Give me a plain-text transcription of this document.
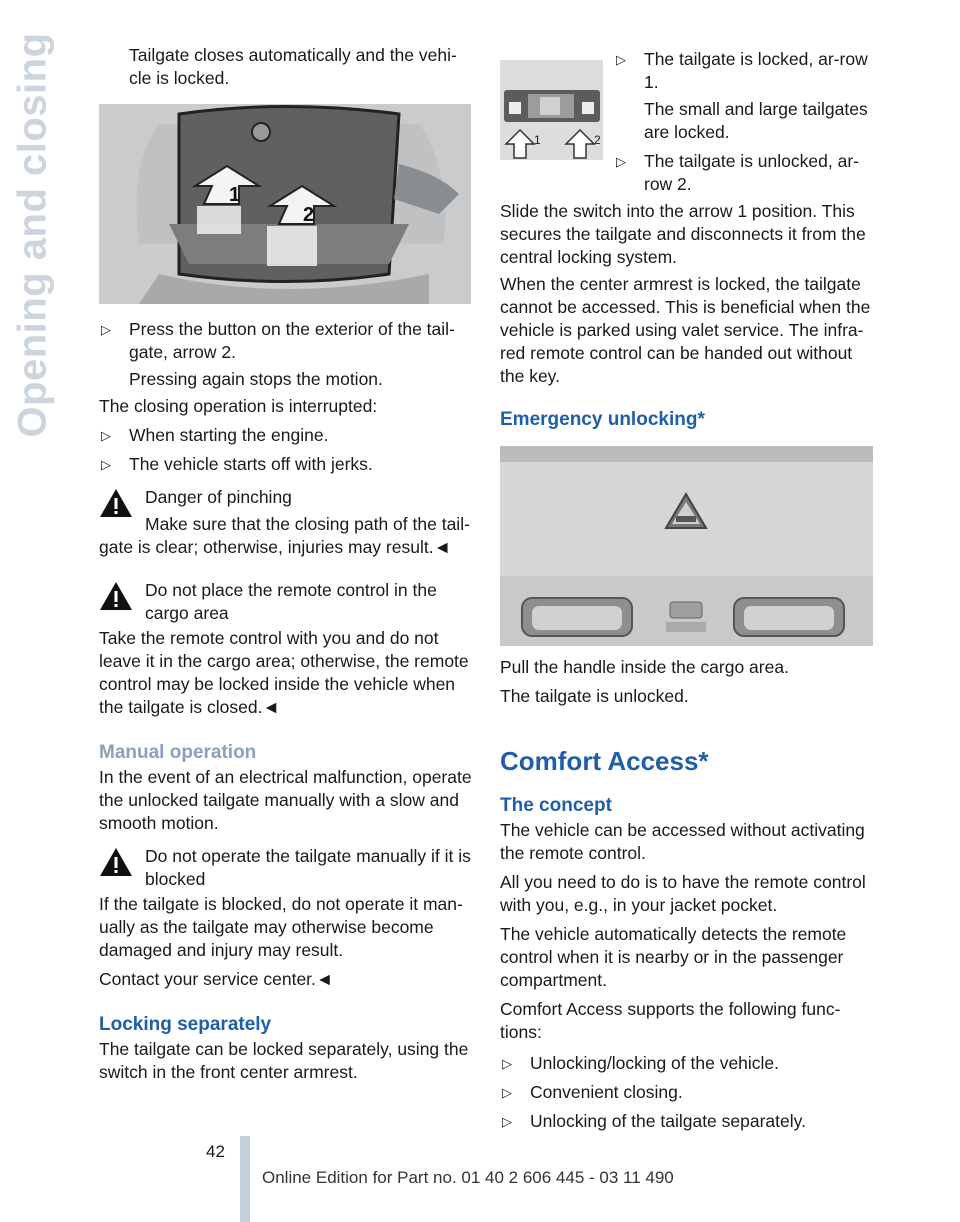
Opening and closing	Tailgate closes automatically and the vehi-cle is locked.

1
2

▷ Press the button on the exterior of the tail-gate, arrow 2.

Pressing again stops the motion.

The closing operation is interrupted:

▷ When starting the engine.

▷ The vehicle starts off with jerks.

Danger of pinching

Make sure that the closing path of the tail-gate is clear; otherwise, injuries may result.◄

Do not place the remote control in the cargo area

Take the remote control with you and do not leave it in the cargo area; otherwise, the remote control may be locked inside the vehicle when the tailgate is closed.◄

Manual operation

In the event of an electrical malfunction, operate the unlocked tailgate manually with a slow and smooth motion.

Do not operate the tailgate manually if it is blocked

If the tailgate is blocked, do not operate it man-ually as the tailgate may otherwise become damaged and injury may result.

Contact your service center.◄

Locking separately

The tailgate can be locked separately, using the switch in the front center armrest.

1	2

▷ The tailgate is locked, ar-row 1.

The small and large tailgates are locked.

▷ The tailgate is unlocked, ar-row 2.

Slide the switch into the arrow 1 position. This secures the tailgate and disconnects it from the central locking system.

When the center armrest is locked, the tailgate cannot be accessed. This is beneficial when the vehicle is parked using valet service. The infra-red remote control can be handed out without the key.

Emergency unlocking*

Pull the handle inside the cargo area.

The tailgate is unlocked.

Comfort Access*

The concept

The vehicle can be accessed without activating the remote control.

All you need to do is to have the remote control with you, e.g., in your jacket pocket.

The vehicle automatically detects the remote control when it is nearby or in the passenger compartment.

Comfort Access supports the following func-tions:

▷ Unlocking/locking of the vehicle.

▷ Convenient closing.

▷ Unlocking of the tailgate separately.

42
Online Edition for Part no. 01 40 2 606 445 - 03 11 490
